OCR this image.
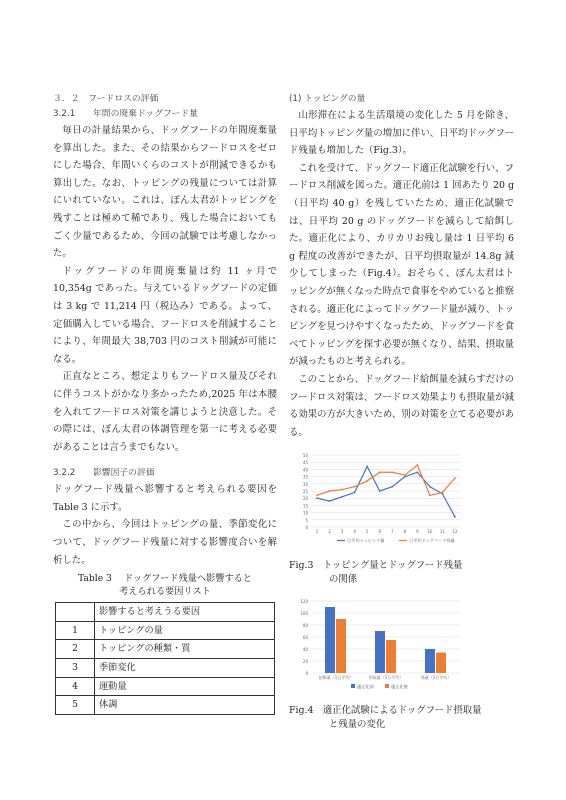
３．２　フードロスの評価

3.2.1　　年間の廃棄ドッグフード量

毎日の計量結果から、ドッグフードの年間廃棄量を算出した。また、その結果からフードロスをゼロにした場合、年間いくらのコストが削減できるかも算出した。なお、トッピングの残量については計算にいれていない。これは、ぽん太君がトッピングを残すことは極めて稀であり、残した場合においてもごく少量であるため、今回の試験では考慮しなかった。

ドッグフードの年間廃棄量は約 11 ヶ月で 10,354g であった。与えているドッグフードの定価は 3 kg で 11,214 円（税込み）である。よって、定価購入している場合、フードロスを削減することにより、年間最大 38,703 円のコスト削減が可能になる。

正直なところ、想定よりもフードロス量及びそれに伴うコストがかなり多かったため,2025 年は本腰を入れてフードロス対策を講じようと決意した。その際には、ぽん太君の体調管理を第一に考える必要があることは言うまでもない。

3.2.2　　影響因子の評価

ドッグフード残量へ影響すると考えられる要因を Table 3 に示す。

この中から、今回はトッピングの量、季節変化について、ドッグフード残量に対する影響度合いを解析した。

Table 3　 ドッグフード残量へ影響すると
考えられる要因リスト
	影響すると考えうる要因
1	トッピングの量
2	トッピングの種類・質
3	季節変化
4	運動量
5	体調

(1) トッピングの量

山形滞在による生活環境の変化した 5 月を除き、日平均トッピング量の増加に伴い、日平均ドッグフード残量も増加した（Fig.3）。

これを受けて、ドッグフード適正化試験を行い、フードロス削減を図った。適正化前は 1 回あたり 20 g（日平均 40 g）を残していたため、適正化試験では、日平均 20 g のドッグフードを減らして給餌した。適正化により、カリカリお残し量は 1 日平均 6 g 程度の改善ができたが、日平均摂取量が 14.8g 減少してしまった（Fig.4）。おそらく、ぽん太君はトッピングが無くなった時点で食事をやめていると推察される。適正化によってドッグフード量が減り、トッピングを見つけやすくなったため、ドッグフードを食べてトッピングを探す必要が無くなり、結果、摂取量が減ったものと考えられる。

このことから、ドッグフード給餌量を減らすだけのフードロス対策は、フードロス効果よりも摂取量が減る効果の方が大きいため、別の対策を立てる必要がある。

0
5
10
15
20
25
30
35
40
45
50
1 2 3 4 5 6 7 8 9 10 11 12
日平均トッピング量	日平均ドッグフード残量
Fig.3　トッピング量とドッグフード残量
の関係
0
20
40
60
80
100
120
給餌量（1日平均）	摂取量（1日平均）	残量（1日平均）
適正化前	適正化後
Fig.4　適正化試験によるドッグフード摂取量
と残量の変化
